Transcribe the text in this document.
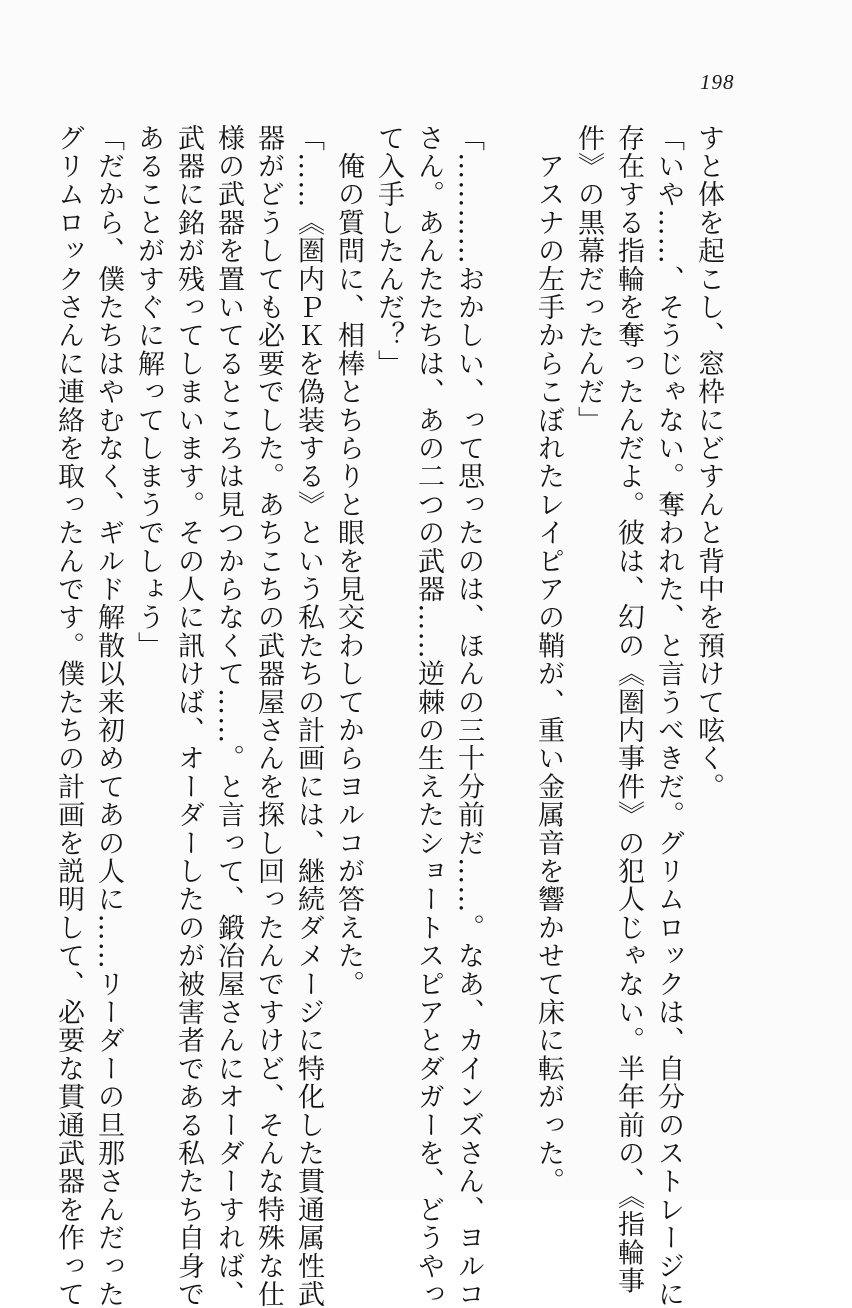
198
すと体を起こし、窓枠にどすんと背中を預けて呟く。
「いや……、そうじゃない。奪われた、と言うべきだ。グリムロックは、自分のストレージに
存在する指輪を奪ったんだよ。彼は、幻の《圏内事件》の犯人じゃない。半年前の、《指輪事
件》の黒幕だったんだ」
　アスナの左手からこぼれたレイピアの鞘が、重い金属音を響かせて床に転がった。
「…………おかしい、って思ったのは、ほんの三十分前だ……。なあ、カインズさん、ヨルコ
さん。あんたたちは、あの二つの武器……逆棘の生えたショートスピアとダガーを、どうやっ
て入手したんだ？」
　俺の質問に、相棒とちらりと眼を見交わしてからヨルコが答えた。
「……《圏内ＰＫを偽装する》という私たちの計画には、継続ダメージに特化した貫通属性武
器がどうしても必要でした。あちこちの武器屋さんを探し回ったんですけど、そんな特殊な仕
様の武器を置いてるところは見つからなくて……。と言って、鍛冶屋さんにオーダーすれば、
武器に銘が残ってしまいます。その人に訊けば、オーダーしたのが被害者である私たち自身で
あることがすぐに解ってしまうでしょう」
「だから、僕たちはやむなく、ギルド解散以来初めてあの人に……リーダーの旦那さんだった
グリムロックさんに連絡を取ったんです。僕たちの計画を説明して、必要な貫通武器を作って
